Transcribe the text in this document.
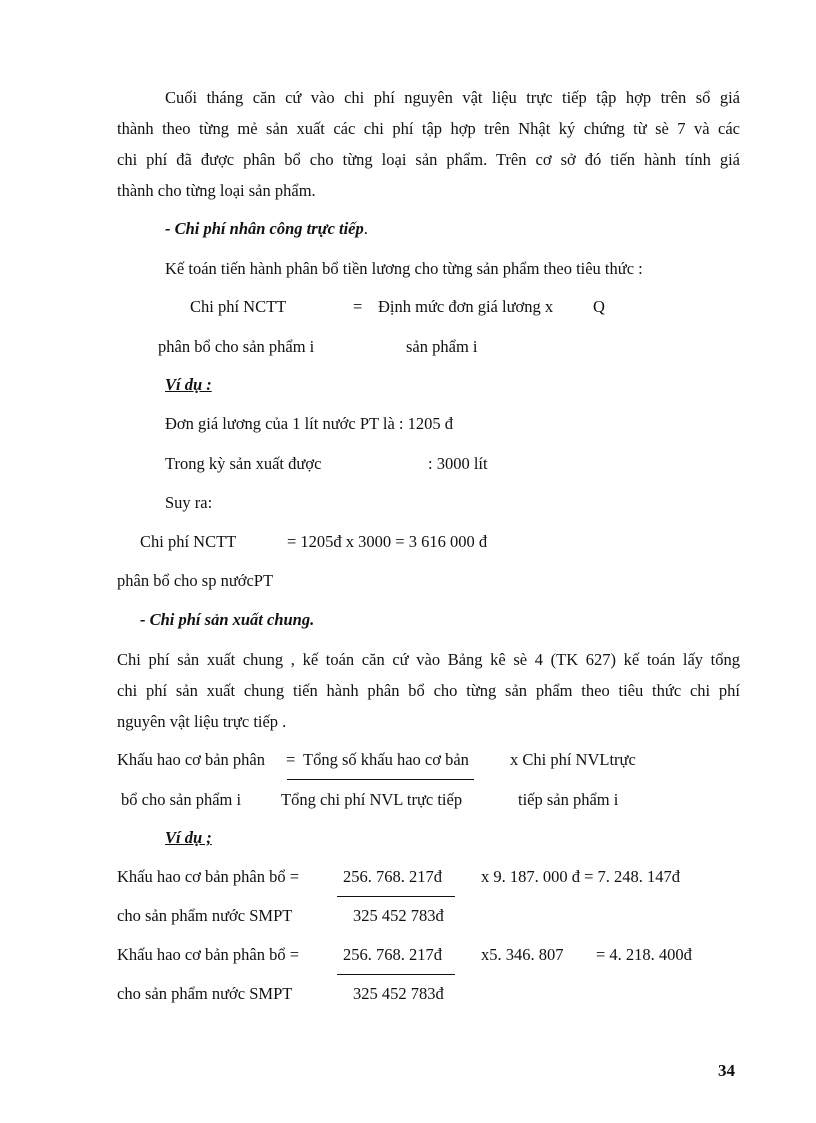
Cuối tháng căn cứ vào chi phí nguyên vật liệu trực tiếp tập hợp trên sổ giá
thành theo từng mẻ sản xuất các chi phí tập hợp trên Nhật ký chứng từ sè 7 và các
chi phí đã được phân bổ cho từng loại sản phẩm. Trên cơ sở đó tiến hành tính giá
thành cho từng loại sản phẩm.
- Chi phí nhân công trực tiếp.
Kế toán tiến hành phân bổ tiền lương cho từng sản phẩm theo tiêu thức :
Chi phí NCTT	= Định mức đơn giá lương x Q
phân bổ cho sản phẩm i	sản phẩm i
Ví dụ :
Đơn giá lương của 1 lít nước PT là : 1205 đ
Trong kỳ sản xuất được	: 3000 lít
Suy ra:
Chi phí NCTT	= 1205đ x 3000 = 3 616 000 đ
phân bổ cho sp nướcPT
- Chi phí sản xuất chung.
Chi phí sản xuất chung , kế toán căn cứ vào Bảng kê sè 4 (TK 627) kế toán lấy tổng
chi phí sản xuất chung tiến hành phân bổ cho từng sản phẩm theo tiêu thức chi phí
nguyên vật liệu trực tiếp .
Khấu hao cơ bản phân = Tổng số khấu hao cơ bản x Chi phí NVLtrực
bổ cho sản phẩm i Tổng chi phí NVL trực tiếp	tiếp sản phẩm i
Ví dụ ;
Khấu hao cơ bản phân bổ =	256. 768. 217đ x 9. 187. 000 đ = 7. 248. 147đ
cho sản phẩm nước SMPT	325 452 783đ
Khấu hao cơ bản phân bổ =	256. 768. 217đ x5. 346. 807 = 4. 218. 400đ
cho sản phẩm nước SMPT	325 452 783đ
34
